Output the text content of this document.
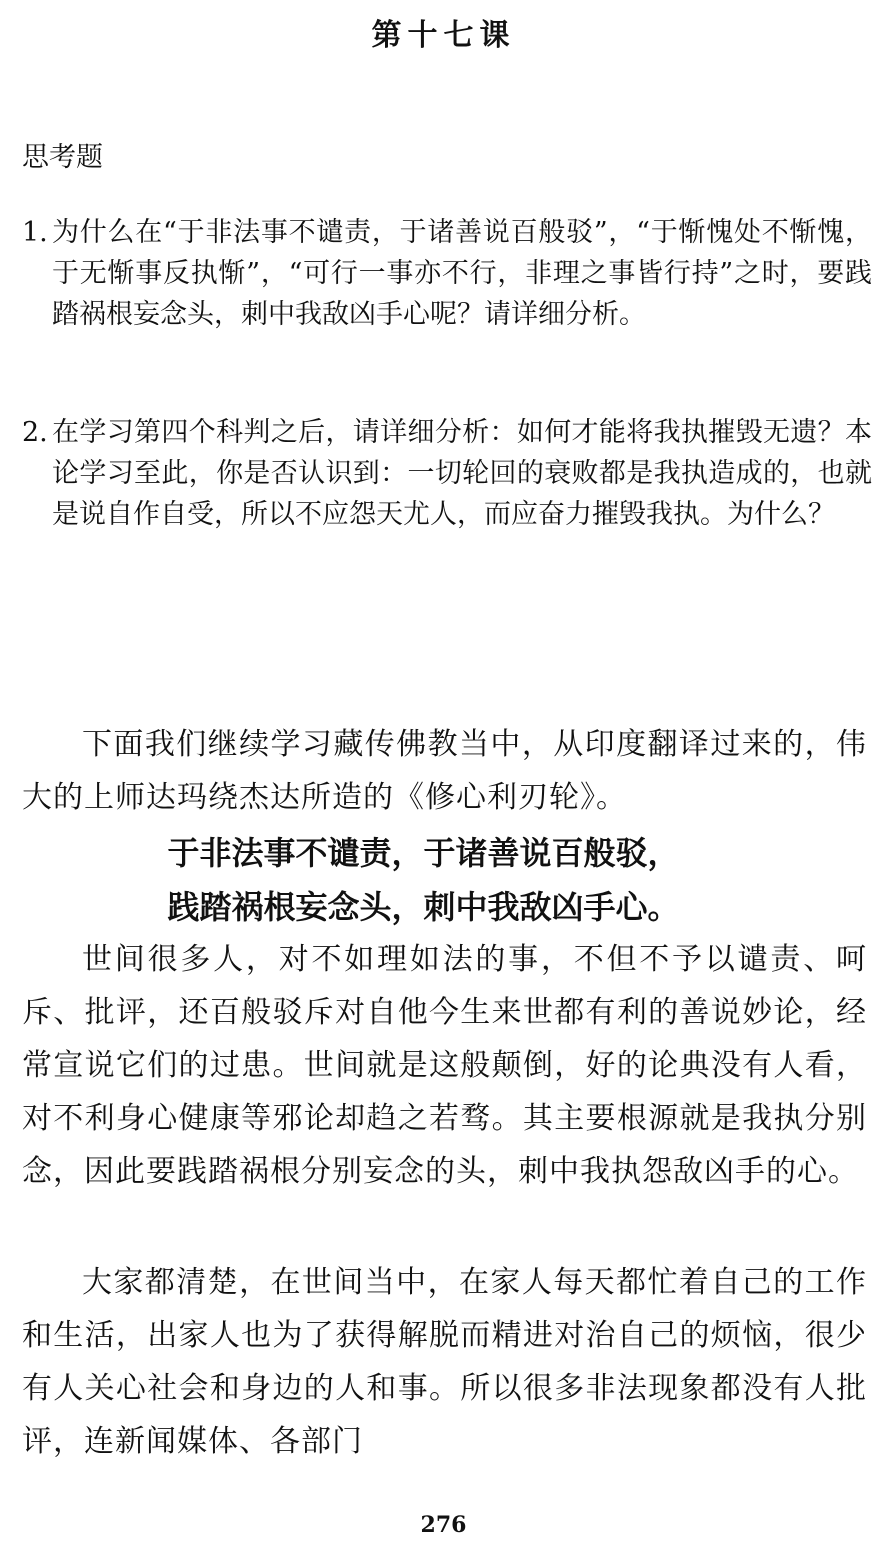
第十七课
思考题
1. 为什么在“于非法事不谴责，于诸善说百般驳”，“于惭愧处不惭愧，于无惭事反执惭”，“可行一事亦不行，非理之事皆行持”之时，要践踏祸根妄念头，刺中我敌凶手心呢？请详细分析。
2. 在学习第四个科判之后，请详细分析：如何才能将我执摧毁无遗？本论学习至此，你是否认识到：一切轮回的衰败都是我执造成的，也就是说自作自受，所以不应怨天尤人，而应奋力摧毁我执。为什么？
下面我们继续学习藏传佛教当中，从印度翻译过来的，伟大的上师达玛绕杰达所造的《修心利刃轮》。
于非法事不谴责，于诸善说百般驳，
践踏祸根妄念头，刺中我敌凶手心。
世间很多人，对不如理如法的事，不但不予以谴责、呵斥、批评，还百般驳斥对自他今生来世都有利的善说妙论，经常宣说它们的过患。世间就是这般颠倒，好的论典没有人看，对不利身心健康等邪论却趋之若骛。其主要根源就是我执分别念，因此要践踏祸根分别妄念的头，刺中我执怨敌凶手的心。
大家都清楚，在世间当中，在家人每天都忙着自己的工作和生活，出家人也为了获得解脱而精进对治自己的烦恼，很少有人关心社会和身边的人和事。所以很多非法现象都没有人批评，连新闻媒体、各部门
276
